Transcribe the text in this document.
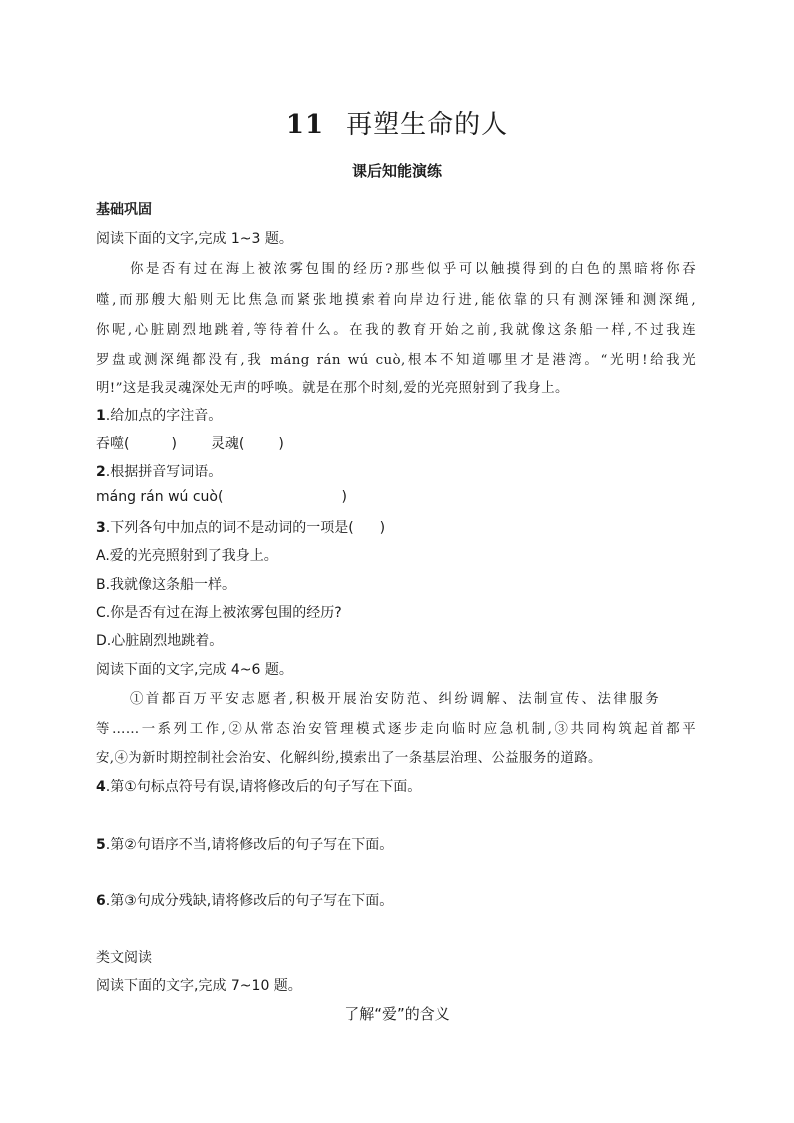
11 再塑生命的人
课后知能演练
基础巩固
阅读下面的文字,完成 1~3 题。
你是否有过在海上被浓雾包围的经历?那些似乎可以触摸得到的白色的黑暗将你吞
噬,而那艘大船则无比焦急而紧张地摸索着向岸边行进,能依靠的只有测深锤和测深绳,
你呢,心脏剧烈地跳着,等待着什么。在我的教育开始之前,我就像这条船一样,不过我连
罗盘或测深绳都没有,我 máng rán wú cuò,根本不知道哪里才是港湾。“光明!给我光
明!”这是我灵魂深处无声的呼唤。就是在那个时刻,爱的光亮照射到了我身上。
1.给加点的字注音。
吞噬(	) 灵魂( )
2.根据拼音写词语。
máng rán wú cuò(	)
3.下列各句中加点的词不是动词的一项是( )
A.爱的光亮照射到了我身上。
B.我就像这条船一样。
C.你是否有过在海上被浓雾包围的经历?
D.心脏剧烈地跳着。
阅读下面的文字,完成 4~6 题。
①首都百万平安志愿者,积极开展治安防范、纠纷调解、法制宣传、法律服务
等……一系列工作,②从常态治安管理模式逐步走向临时应急机制,③共同构筑起首都平
安,④为新时期控制社会治安、化解纠纷,摸索出了一条基层治理、公益服务的道路。
4.第①句标点符号有误,请将修改后的句子写在下面。
5.第②句语序不当,请将修改后的句子写在下面。
6.第③句成分残缺,请将修改后的句子写在下面。
类文阅读
阅读下面的文字,完成 7~10 题。
了解“爱”的含义
